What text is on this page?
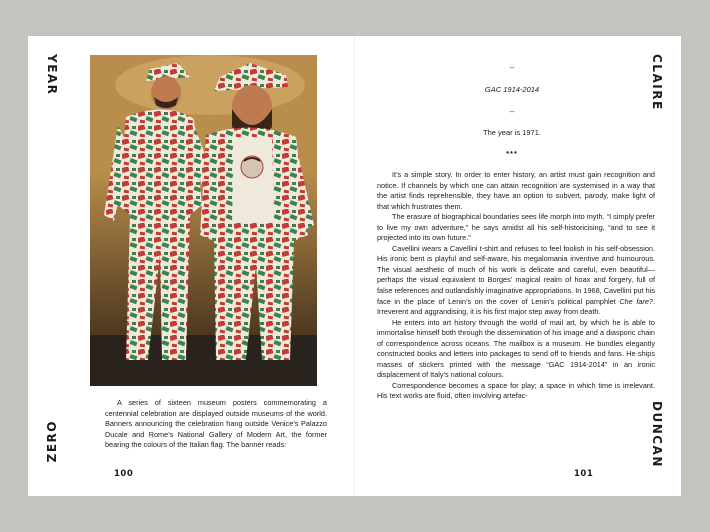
YEAR
ZERO

A series of sixteen museum posters commemorating a centennial celebration are displayed outside museums of the world. Banners announcing the celebration hang outside Venice’s Palazzo Ducale and Rome’s National Gallery of Modern Art, the former bearing the colours of the Italian flag. The banner reads:

100
CLAIRE
DUNCAN
--
GAC 1914-2014
--
The year is 1971.
***

It’s a simple story. In order to enter history, an artist must gain recognition and notice. If channels by which one can attain recognition are systemised in a way that the artist finds reprehensible, they have an option to subvert, parody, make light of that which frustrates them.

The erasure of biographical boundaries sees life morph into myth. “I simply prefer to live my own adventure,” he says amidst all his self-historicising, “and to see it projected into its own future.”

Cavellini wears a Cavellini t-shirt and refuses to feel foolish in his self-obsession. His ironic bent is playful and self-aware, his megalomania inventive and humourous. The visual aesthetic of much of his work is delicate and careful, even beautiful—perhaps the visual equivalent to Borges’ magical realm of hoax and forgery, full of false references and outlandishly imaginative appropriations. In 1968, Cavellini put his face in the place of Lenin’s on the cover of Lenin’s political pamphlet Che fare?. Irreverent and aggrandising, it is his first major step away from death.

He enters into art history through the world of mail art, by which he is able to immortalise himself both through the dissemination of his image and a diasporic chain of correspondence across oceans. The mailbox is a museum. He bundles elegantly constructed books and letters into packages to send off to friends and fans. He ships masses of stickers printed with the message “GAC 1914-2014” in an ironic displacement of Italy’s national colours.

Correspondence becomes a space for play; a space in which time is irrelevant. His text works are fluid, often involving artefac-

101
